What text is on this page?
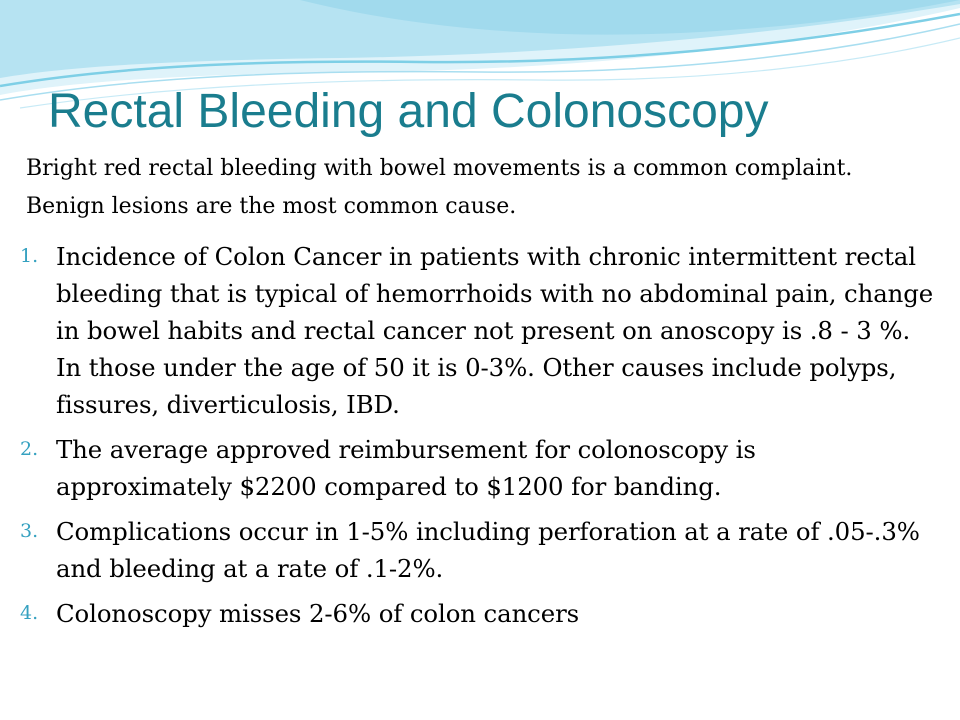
Rectal Bleeding and Colonoscopy

Bright red rectal bleeding with bowel movements is a common complaint. Benign lesions are the most common cause.

1. Incidence of Colon Cancer in patients with chronic intermittent rectal bleeding that is typical of hemorrhoids with no abdominal pain, change in bowel habits and rectal cancer not present on anoscopy is .8 - 3 %. In those under the age of 50 it is 0-3%. Other causes include polyps, fissures, diverticulosis, IBD.
2. The average approved reimbursement for colonoscopy is approximately $2200 compared to $1200 for banding.
3. Complications occur in 1-5% including perforation at a rate of .05-.3% and bleeding at a rate of .1-2%.
4. Colonoscopy misses 2-6% of colon cancers
